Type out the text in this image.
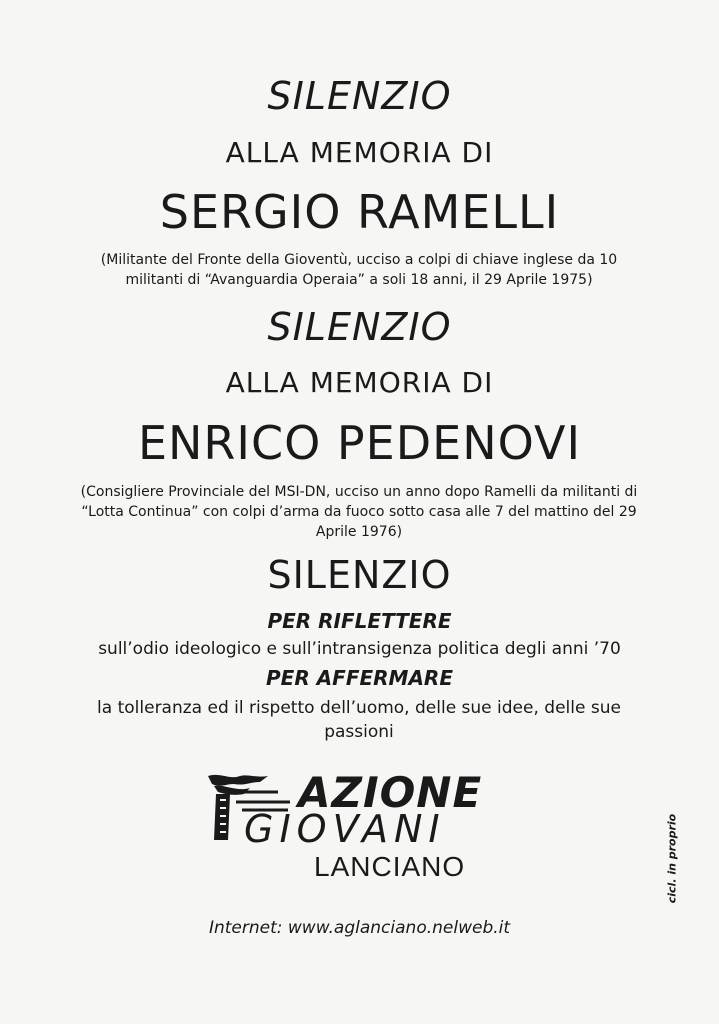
SILENZIO
ALLA MEMORIA DI
SERGIO RAMELLI
(Militante del Fronte della Gioventù, ucciso a colpi di chiave inglese da 10
militanti di “Avanguardia Operaia” a soli 18 anni, il 29 Aprile 1975)
SILENZIO
ALLA MEMORIA DI
ENRICO PEDENOVI
(Consigliere Provinciale del MSI-DN, ucciso un anno dopo Ramelli da militanti di
“Lotta Continua” con colpi d’arma da fuoco sotto casa alle 7 del mattino del 29
Aprile 1976)
SILENZIO
PER RIFLETTERE
sull’odio ideologico e sull’intransigenza politica degli anni ’70
PER AFFERMARE
la tolleranza ed il rispetto dell’uomo, delle sue idee, delle sue
passioni
AZIONE
GIOVANI
LANCIANO
Internet: www.aglanciano.nelweb.it
cicl. in proprio
